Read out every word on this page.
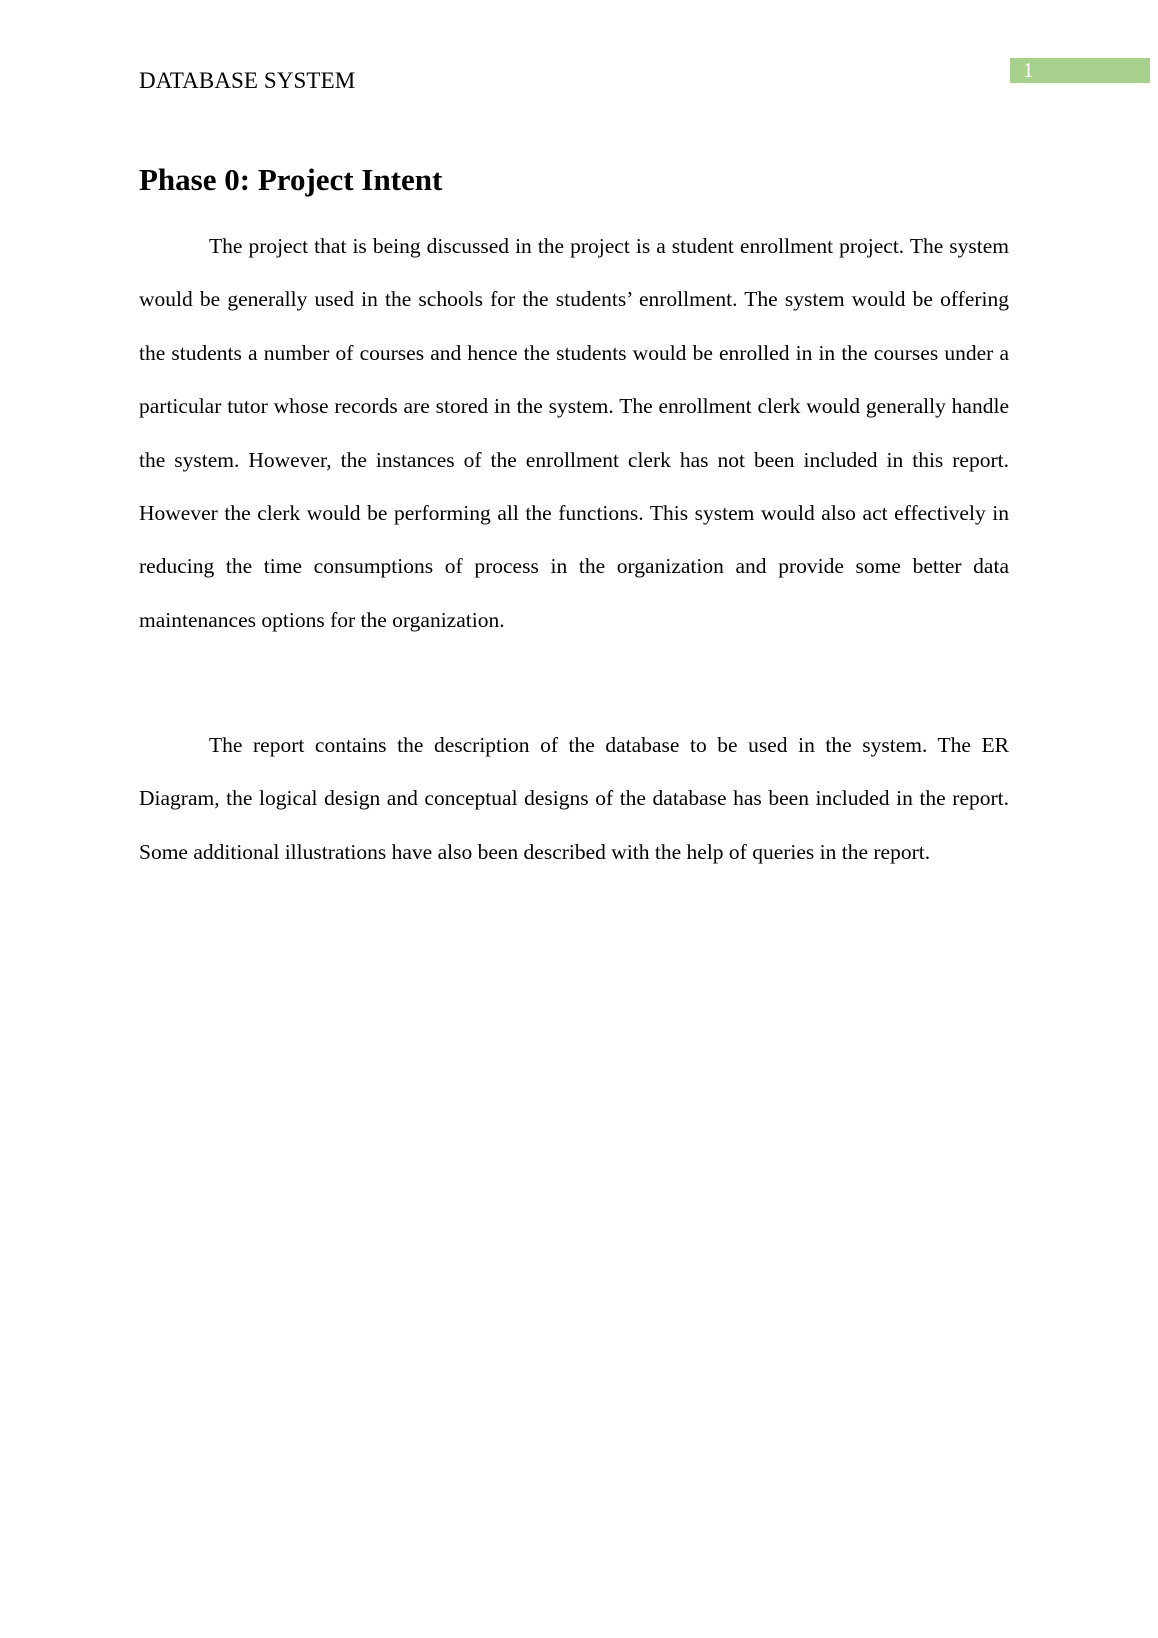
1
DATABASE SYSTEM
Phase 0: Project Intent

The project that is being discussed in the project is a student enrollment project. The system would be generally used in the schools for the students’ enrollment. The system would be offering the students a number of courses and hence the students would be enrolled in in the courses under a particular tutor whose records are stored in the system. The enrollment clerk would generally handle the system. However, the instances of the enrollment clerk has not been included in this report. However the clerk would be performing all the functions. This system would also act effectively in reducing the time consumptions of process in the organization and provide some better data maintenances options for the organization.

The report contains the description of the database to be used in the system. The ER Diagram, the logical design and conceptual designs of the database has been included in the report. Some additional illustrations have also been described with the help of queries in the report.
